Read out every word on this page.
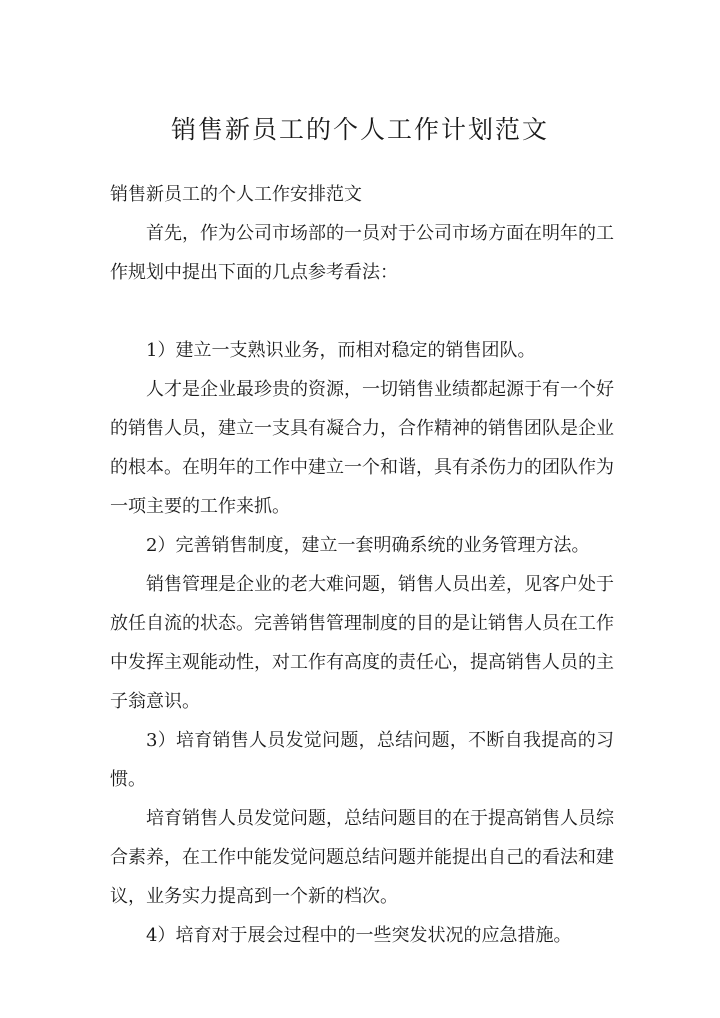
销售新员工的个人工作计划范文

销售新员工的个人工作安排范文

首先，作为公司市场部的一员对于公司市场方面在明年的工作规划中提出下面的几点参考看法：

1）建立一支熟识业务，而相对稳定的销售团队。

人才是企业最珍贵的资源，一切销售业绩都起源于有一个好的销售人员，建立一支具有凝合力，合作精神的销售团队是企业的根本。在明年的工作中建立一个和谐，具有杀伤力的团队作为一项主要的工作来抓。

2）完善销售制度，建立一套明确系统的业务管理方法。

销售管理是企业的老大难问题，销售人员出差，见客户处于放任自流的状态。完善销售管理制度的目的是让销售人员在工作中发挥主观能动性，对工作有高度的责任心，提高销售人员的主子翁意识。

3）培育销售人员发觉问题，总结问题，不断自我提高的习惯。

培育销售人员发觉问题，总结问题目的在于提高销售人员综合素养，在工作中能发觉问题总结问题并能提出自己的看法和建议，业务实力提高到一个新的档次。

4）培育对于展会过程中的一些突发状况的应急措施。
